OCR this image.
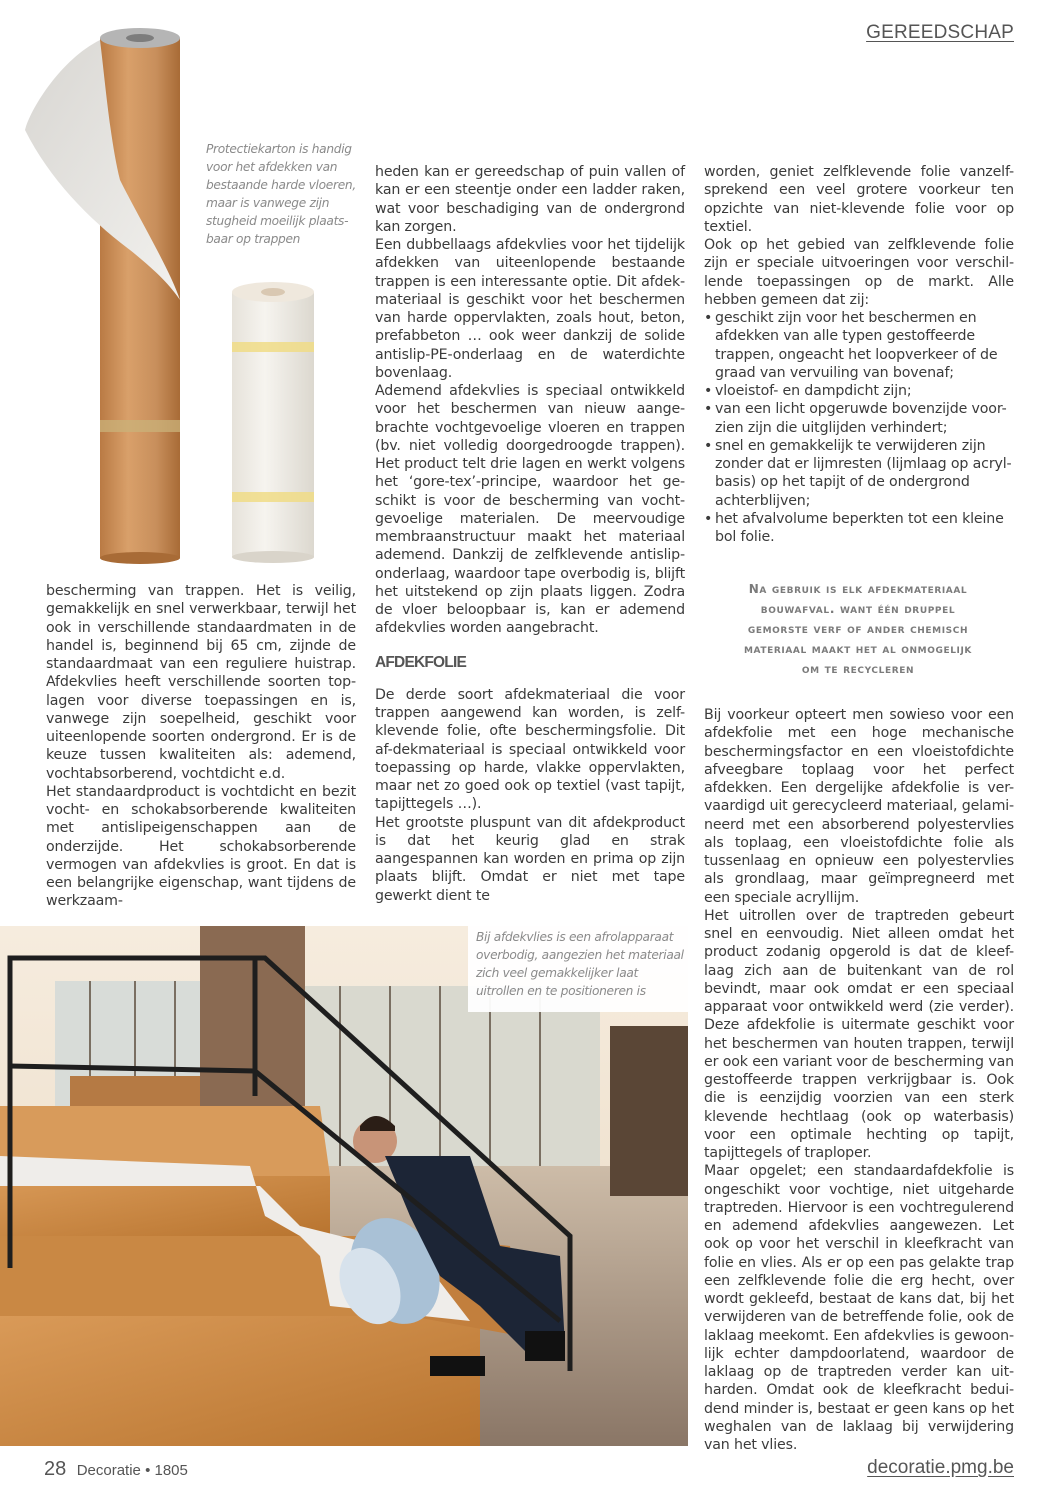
GEREEDSCHAP
Protectiekarton is handig voor het afdekken van bestaande harde vloeren, maar is vanwege zijn stugheid moeilijk plaats-baar op trappen

bescherming van trappen. Het is veilig, gemakkelijk en snel verwerkbaar, terwijl het ook in verschillende standaardmaten in de handel is, beginnend bij 65 cm, zijnde de standaardmaat van een reguliere huistrap. Afdekvlies heeft verschillende soorten top-lagen voor diverse toepassingen en is, vanwege zijn soepelheid, geschikt voor uiteenlopende soorten ondergrond. Er is de keuze tussen kwaliteiten als: ademend, vochtabsorberend, vochtdicht e.d.

Het standaardproduct is vochtdicht en bezit vocht- en schokabsorberende kwaliteiten met antislipeigenschappen aan de onderzijde. Het schokabsorberende vermogen van afdekvlies is groot. En dat is een belangrijke eigenschap, want tijdens de werkzaam-

heden kan er gereedschap of puin vallen of kan er een steentje onder een ladder raken, wat voor beschadiging van de ondergrond kan zorgen.

Een dubbellaags afdekvlies voor het tijdelijk afdekken van uiteenlopende bestaande trappen is een interessante optie. Dit afdek-materiaal is geschikt voor het beschermen van harde oppervlakten, zoals hout, beton, prefabbeton … ook weer dankzij de solide antislip-PE-onderlaag en de waterdichte bovenlaag.

Ademend afdekvlies is speciaal ontwikkeld voor het beschermen van nieuw aange-brachte vochtgevoelige vloeren en trappen (bv. niet volledig doorgedroogde trappen). Het product telt drie lagen en werkt volgens het ‘gore-tex’-principe, waardoor het ge-schikt is voor de bescherming van vocht-gevoelige materialen. De meervoudige membraanstructuur maakt het materiaal ademend. Dankzij de zelfklevende antislip-onderlaag, waardoor tape overbodig is, blijft het uitstekend op zijn plaats liggen. Zodra de vloer beloopbaar is, kan er ademend afdekvlies worden aangebracht.

AFDEKFOLIE

De derde soort afdekmateriaal die voor trappen aangewend kan worden, is zelf-klevende folie, ofte beschermingsfolie. Dit af-dekmateriaal is speciaal ontwikkeld voor toepassing op harde, vlakke oppervlakten, maar net zo goed ook op textiel (vast tapijt, tapijttegels …).

Het grootste pluspunt van dit afdekproduct is dat het keurig glad en strak aangespannen kan worden en prima op zijn plaats blijft. Omdat er niet met tape gewerkt dient te

worden, geniet zelfklevende folie vanzelf-sprekend een veel grotere voorkeur ten opzichte van niet-klevende folie voor op textiel.

Ook op het gebied van zelfklevende folie zijn er speciale uitvoeringen voor verschil-lende toepassingen op de markt. Alle hebben gemeen dat zij:

• geschikt zijn voor het beschermen en afdekken van alle typen gestoffeerde trappen, ongeacht het loopverkeer of de graad van vervuiling van bovenaf;
• vloeistof- en dampdicht zijn;
• van een licht opgeruwde bovenzijde voor-zien zijn die uitglijden verhindert;
• snel en gemakkelijk te verwijderen zijn zonder dat er lijmresten (lijmlaag op acryl-basis) op het tapijt of de ondergrond achterblijven;
• het afvalvolume beperkten tot een kleine bol folie.
na gebruik is elk afdekmateriaal
bouwafval. want één druppel
gemorste verf of ander chemisch
materiaal maakt het al onmogelijk
om te recycleren

Bij voorkeur opteert men sowieso voor een afdekfolie met een hoge mechanische beschermingsfactor en een vloeistofdichte afveegbare toplaag voor het perfect afdekken. Een dergelijke afdekfolie is ver-vaardigd uit gerecycleerd materiaal, gelami-neerd met een absorberend polyestervlies als toplaag, een vloeistofdichte folie als tussenlaag en opnieuw een polyestervlies als grondlaag, maar geïmpregneerd met een speciale acryllijm.

Het uitrollen over de traptreden gebeurt snel en eenvoudig. Niet alleen omdat het product zodanig opgerold is dat de kleef-laag zich aan de buitenkant van de rol bevindt, maar ook omdat er een speciaal apparaat voor ontwikkeld werd (zie verder). Deze afdekfolie is uitermate geschikt voor het beschermen van houten trappen, terwijl er ook een variant voor de bescherming van gestoffeerde trappen verkrijgbaar is. Ook die is eenzijdig voorzien van een sterk klevende hechtlaag (ook op waterbasis) voor een optimale hechting op tapijt, tapijttegels of traploper.

Maar opgelet; een standaardafdekfolie is ongeschikt voor vochtige, niet uitgeharde traptreden. Hiervoor is een vochtregulerend en ademend afdekvlies aangewezen. Let ook op voor het verschil in kleefkracht van folie en vlies. Als er op een pas gelakte trap een zelfklevende folie die erg hecht, over wordt gekleefd, bestaat de kans dat, bij het verwijderen van de betreffende folie, ook de laklaag meekomt. Een afdekvlies is gewoon-lijk echter dampdoorlatend, waardoor de laklaag op de traptreden verder kan uit-harden. Omdat ook de kleefkracht bedui-dend minder is, bestaat er geen kans op het weghalen van de laklaag bij verwijdering van het vlies.

Bij afdekvlies is een afrolapparaat overbodig, aangezien het materiaal zich veel gemakkelijker laat uitrollen en te positioneren is
28 Decoratie • 1805	decoratie.pmg.be
